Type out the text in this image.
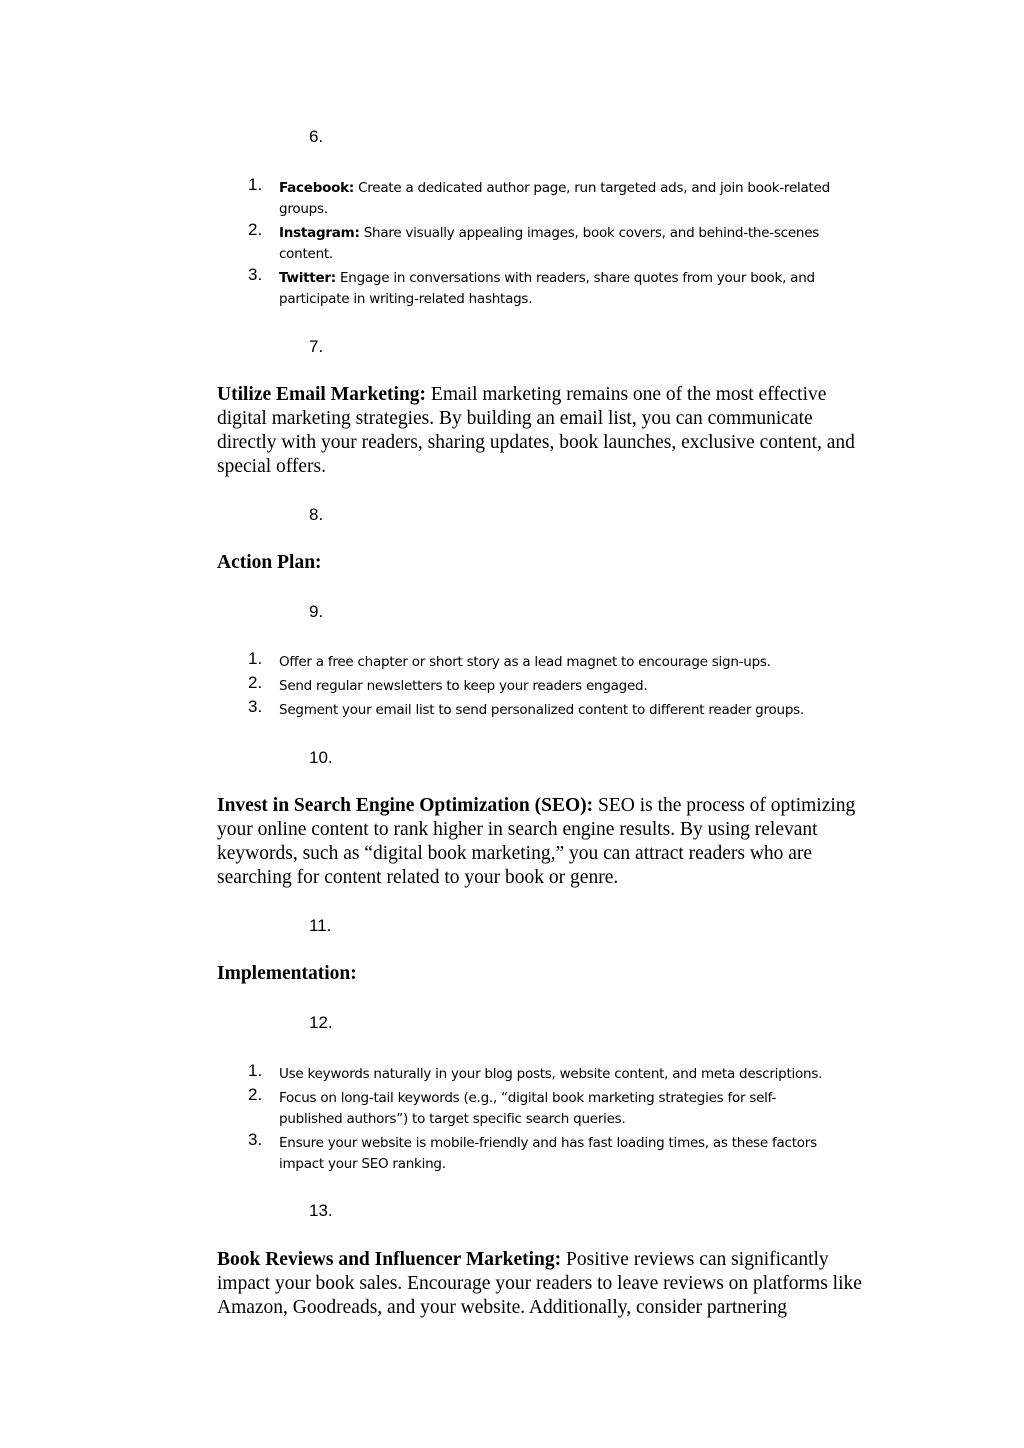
6.
1. Facebook: Create a dedicated author page, run targeted ads, and join book-related groups.
2. Instagram: Share visually appealing images, book covers, and behind-the-scenes content.
3. Twitter: Engage in conversations with readers, share quotes from your book, and participate in writing-related hashtags.
7.

Utilize Email Marketing: Email marketing remains one of the most effective digital marketing strategies. By building an email list, you can communicate directly with your readers, sharing updates, book launches, exclusive content, and special offers.

8.

Action Plan:

9.
1. Offer a free chapter or short story as a lead magnet to encourage sign-ups.
2. Send regular newsletters to keep your readers engaged.
3. Segment your email list to send personalized content to different reader groups.
10.

Invest in Search Engine Optimization (SEO): SEO is the process of optimizing your online content to rank higher in search engine results. By using relevant keywords, such as “digital book marketing,” you can attract readers who are searching for content related to your book or genre.

11.

Implementation:

12.
1. Use keywords naturally in your blog posts, website content, and meta descriptions.
2. Focus on long-tail keywords (e.g., “digital book marketing strategies for self-published authors”) to target specific search queries.
3. Ensure your website is mobile-friendly and has fast loading times, as these factors impact your SEO ranking.
13.

Book Reviews and Influencer Marketing: Positive reviews can significantly impact your book sales. Encourage your readers to leave reviews on platforms like Amazon, Goodreads, and your website. Additionally, consider partnering
